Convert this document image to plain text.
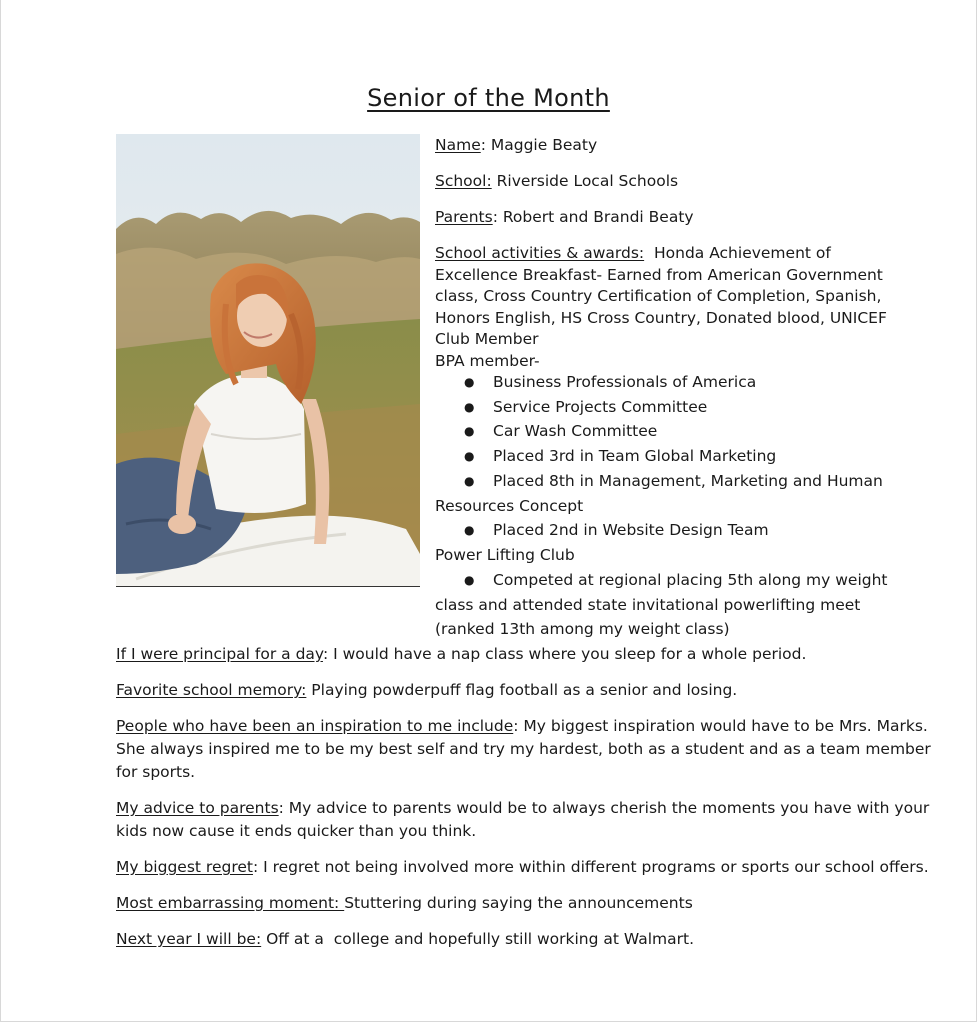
Senior of the Month
Name: Maggie Beaty
School: Riverside Local Schools
Parents: Robert and Brandi Beaty
School activities & awards:  Honda Achievement of
Excellence Breakfast- Earned from American Government
class, Cross Country Certification of Completion, Spanish,
Honors English, HS Cross Country, Donated blood, UNICEF
Club Member
BPA member-
● Business Professionals of America
● Service Projects Committee
● Car Wash Committee
● Placed 3rd in Team Global Marketing
● Placed 8th in Management, Marketing and Human
Resources Concept
● Placed 2nd in Website Design Team
Power Lifting Club
● Competed at regional placing 5th along my weight
class and attended state invitational powerlifting meet
(ranked 13th among my weight class)
If I were principal for a day: I would have a nap class where you sleep for a whole period.
Favorite school memory: Playing powderpuff flag football as a senior and losing.
People who have been an inspiration to me include: My biggest inspiration would have to be Mrs. Marks.
She always inspired me to be my best self and try my hardest, both as a student and as a team member
for sports.
My advice to parents: My advice to parents would be to always cherish the moments you have with your
kids now cause it ends quicker than you think.
My biggest regret: I regret not being involved more within different programs or sports our school offers.
Most embarrassing moment: Stuttering during saying the announcements
Next year I will be: Off at a  college and hopefully still working at Walmart.
